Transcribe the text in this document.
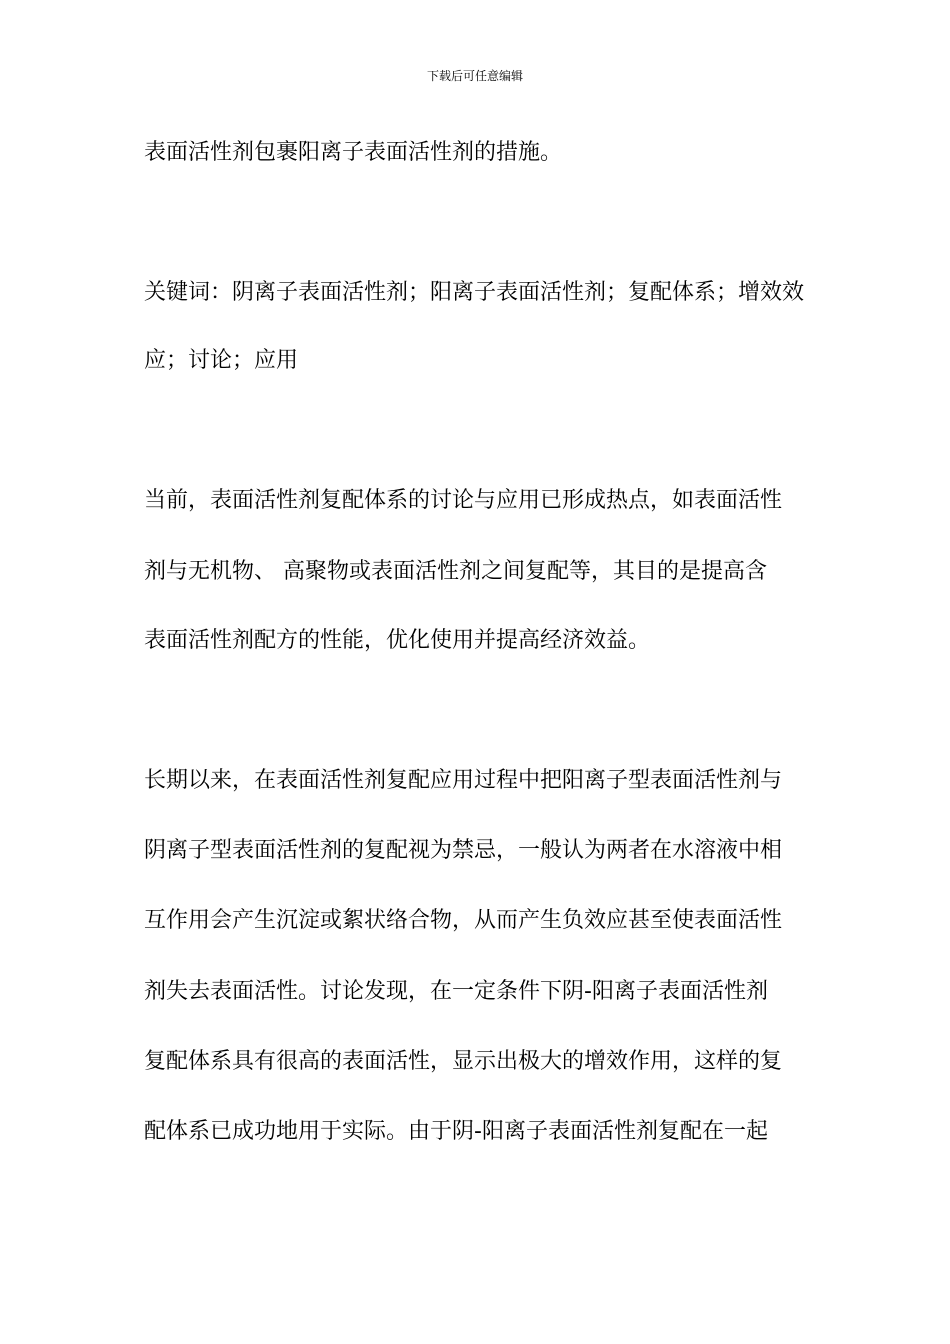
下载后可任意编辑
表面活性剂包裹阳离子表面活性剂的措施。
关键词：阴离子表面活性剂；阳离子表面活性剂；复配体系；增效效
应；讨论；应用
当前，表面活性剂复配体系的讨论与应用已形成热点，如表面活性
剂与无机物、 高聚物或表面活性剂之间复配等，其目的是提高含
表面活性剂配方的性能，优化使用并提高经济效益。
长期以来，在表面活性剂复配应用过程中把阳离子型表面活性剂与
阴离子型表面活性剂的复配视为禁忌，一般认为两者在水溶液中相
互作用会产生沉淀或絮状络合物，从而产生负效应甚至使表面活性
剂失去表面活性。讨论发现，在一定条件下阴-阳离子表面活性剂
复配体系具有很高的表面活性，显示出极大的增效作用，这样的复
配体系已成功地用于实际。由于阴-阳离子表面活性剂复配在一起
